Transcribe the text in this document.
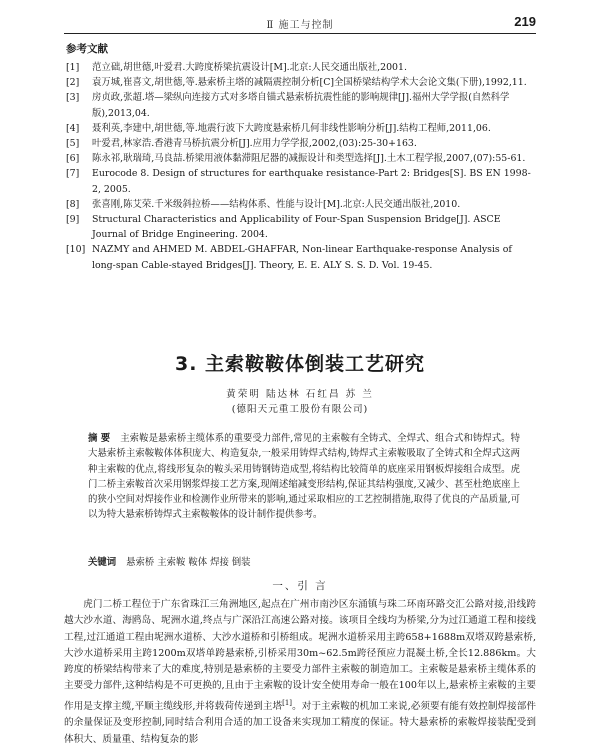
Ⅱ 施工与控制	219
参考文献
[1]	范立础,胡世德,叶爱君.大跨度桥梁抗震设计[M].北京:人民交通出版社,2001.
[2]	袁万城,崔喜文,胡世德,等.悬索桥主塔的减隔震控制分析[C]全国桥梁结构学术大会论文集(下册),1992,11.
[3]	房贞政,张超.塔—梁纵向连接方式对多塔自锚式悬索桥抗震性能的影响规律[J].福州大学学报(自然科学版),2013,04.
[4]	聂利英,李建中,胡世德,等.地震行波下大跨度悬索桥几何非线性影响分析[J].结构工程师,2011,06.
[5]	叶爱君,林家浩.香港青马桥抗震分析[J].应用力学学报,2002,(03):25-30+163.
[6]	陈永祁,耿瑞琦,马良喆.桥梁用液体黏滞阻尼器的减振设计和类型选择[J].土木工程学报,2007,(07):55-61.
[7]	Eurocode 8. Design of structures for earthquake resistance-Part 2: Bridges[S]. BS EN 1998-2, 2005.
[8]	张喜刚,陈艾荣.千米级斜拉桥——结构体系、性能与设计[M].北京:人民交通出版社,2010.
[9]	Structural Characteristics and Applicability of Four-Span Suspension Bridge[J]. ASCE Journal of Bridge Engineering. 2004.
[10] NAZMY and AHMED M. ABDEL-GHAFFAR, Non-linear Earthquake-response Analysis of long-span Cable-stayed Bridges[J]. Theory, E. E. ALY S. S. D. Vol. 19-45.
3. 主索鞍鞍体倒装工艺研究
黄荣明 陆达林 石红昌 苏 兰
(德阳天元重工股份有限公司)
摘 要 主索鞍是悬索桥主缆体系的重要受力部件,常见的主索鞍有全铸式、全焊式、组合式和铸焊式。特大悬索桥主索鞍鞍体体积庞大、构造复杂,一般采用铸焊式结构,铸焊式主索鞍吸取了全铸式和全焊式这两种主索鞍的优点,将线形复杂的鞍头采用铸钢铸造成型,将结构比较简单的底座采用钢板焊接组合成型。虎门二桥主索鞍首次采用钢浆焊接工艺方案,现阐述缩减变形结构,保证其结构强度,又减少、甚至杜绝底座上的狭小空间对焊接作业和检测作业所带来的影响,通过采取相应的工艺控制措施,取得了优良的产品质量,可以为特大悬索桥铸焊式主索鞍鞍体的设计制作提供参考。
关键词 悬索桥 主索鞍 鞍体 焊接 倒装
一、引 言
虎门二桥工程位于广东省珠江三角洲地区,起点在广州市南沙区东涌镇与珠二环南环路交汇公路对接,沿线跨越大沙水道、海鸥岛、坭洲水道,终点与广深沿江高速公路对接。该项目全线均为桥梁,分为过江通道工程和接线工程,过江通道工程由坭洲水道桥、大沙水道桥和引桥组成。坭洲水道桥采用主跨658+1688m双塔双跨悬索桥,大沙水道桥采用主跨1200m双塔单跨悬索桥,引桥采用30m~62.5m跨径预应力混凝土桥,全长12.886km。大跨度的桥梁结构带来了大的难度,特别是悬索桥的主要受力部件主索鞍的制造加工。主索鞍是悬索桥主缆体系的主要受力部件,这种结构是不可更换的,且由于主索鞍的设计安全使用寿命一般在100年以上,悬索桥主索鞍的主要作用是支撑主缆,平顺主缆线形,并将载荷传递到主塔[1]。对于主索鞍的机加工来说,必须要有能有效控制焊接部件的余量保证及变形控制,同时结合利用合适的加工设备来实现加工精度的保证。特大悬索桥的索鞍焊接装配受到体积大、质量重、结构复杂的影
